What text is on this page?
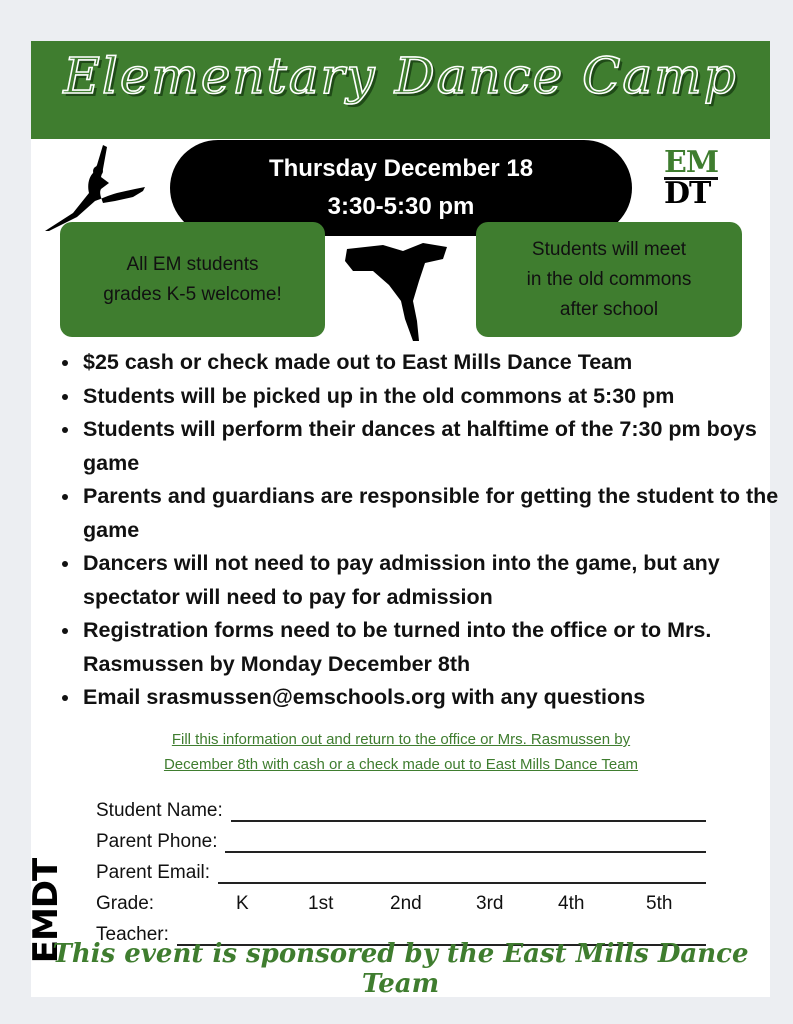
Elementary Dance Camp
Thursday December 18
3:30-5:30 pm
EM
DT
All EM students
grades K-5 welcome!
Students will meet
in the old commons
after school
• $25 cash or check made out to East Mills Dance Team
• Students will be picked up in the old commons at 5:30 pm
• Students will perform their dances at halftime of the 7:30 pm boys game
• Parents and guardians are responsible for getting the student to the game
• Dancers will not need to pay admission into the game, but any spectator will need to pay for admission
• Registration forms need to be turned into the office or to Mrs. Rasmussen by Monday December 8th
• Email srasmussen@emschools.org with any questions
Fill this information out and return to the office or Mrs. Rasmussen by
December 8th with cash or a check made out to East Mills Dance Team
EMDT
Student Name:
Parent Phone:
Parent Email:
Grade:	K	1st	2nd	3rd	4th	5th
Teacher:
This event is sponsored by the East Mills Dance Team
